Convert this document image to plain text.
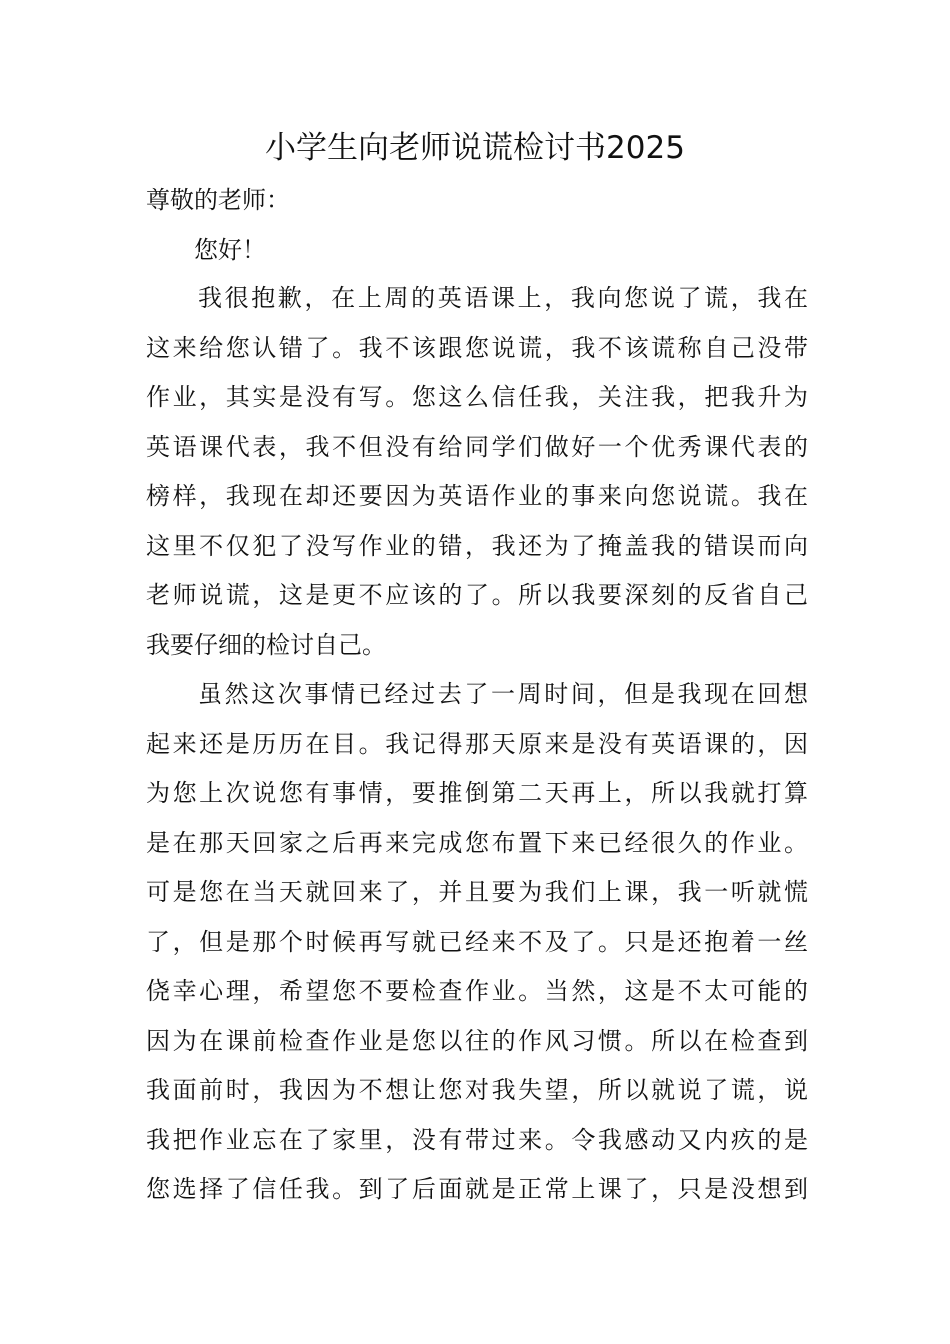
小学生向老师说谎检讨书2025
尊敬的老师：
您好！
我很抱歉，在上周的英语课上，我向您说了谎，我在
这来给您认错了。我不该跟您说谎，我不该谎称自己没带
作业，其实是没有写。您这么信任我，关注我，把我升为
英语课代表，我不但没有给同学们做好一个优秀课代表的
榜样，我现在却还要因为英语作业的事来向您说谎。我在
这里不仅犯了没写作业的错，我还为了掩盖我的错误而向
老师说谎，这是更不应该的了。所以我要深刻的反省自己
我要仔细的检讨自己。
虽然这次事情已经过去了一周时间，但是我现在回想
起来还是历历在目。我记得那天原来是没有英语课的，因
为您上次说您有事情，要推倒第二天再上，所以我就打算
是在那天回家之后再来完成您布置下来已经很久的作业。
可是您在当天就回来了，并且要为我们上课，我一听就慌
了，但是那个时候再写就已经来不及了。只是还抱着一丝
侥幸心理，希望您不要检查作业。当然，这是不太可能的
因为在课前检查作业是您以往的作风习惯。所以在检查到
我面前时，我因为不想让您对我失望，所以就说了谎，说
我把作业忘在了家里，没有带过来。令我感动又内疚的是
您选择了信任我。到了后面就是正常上课了，只是没想到
